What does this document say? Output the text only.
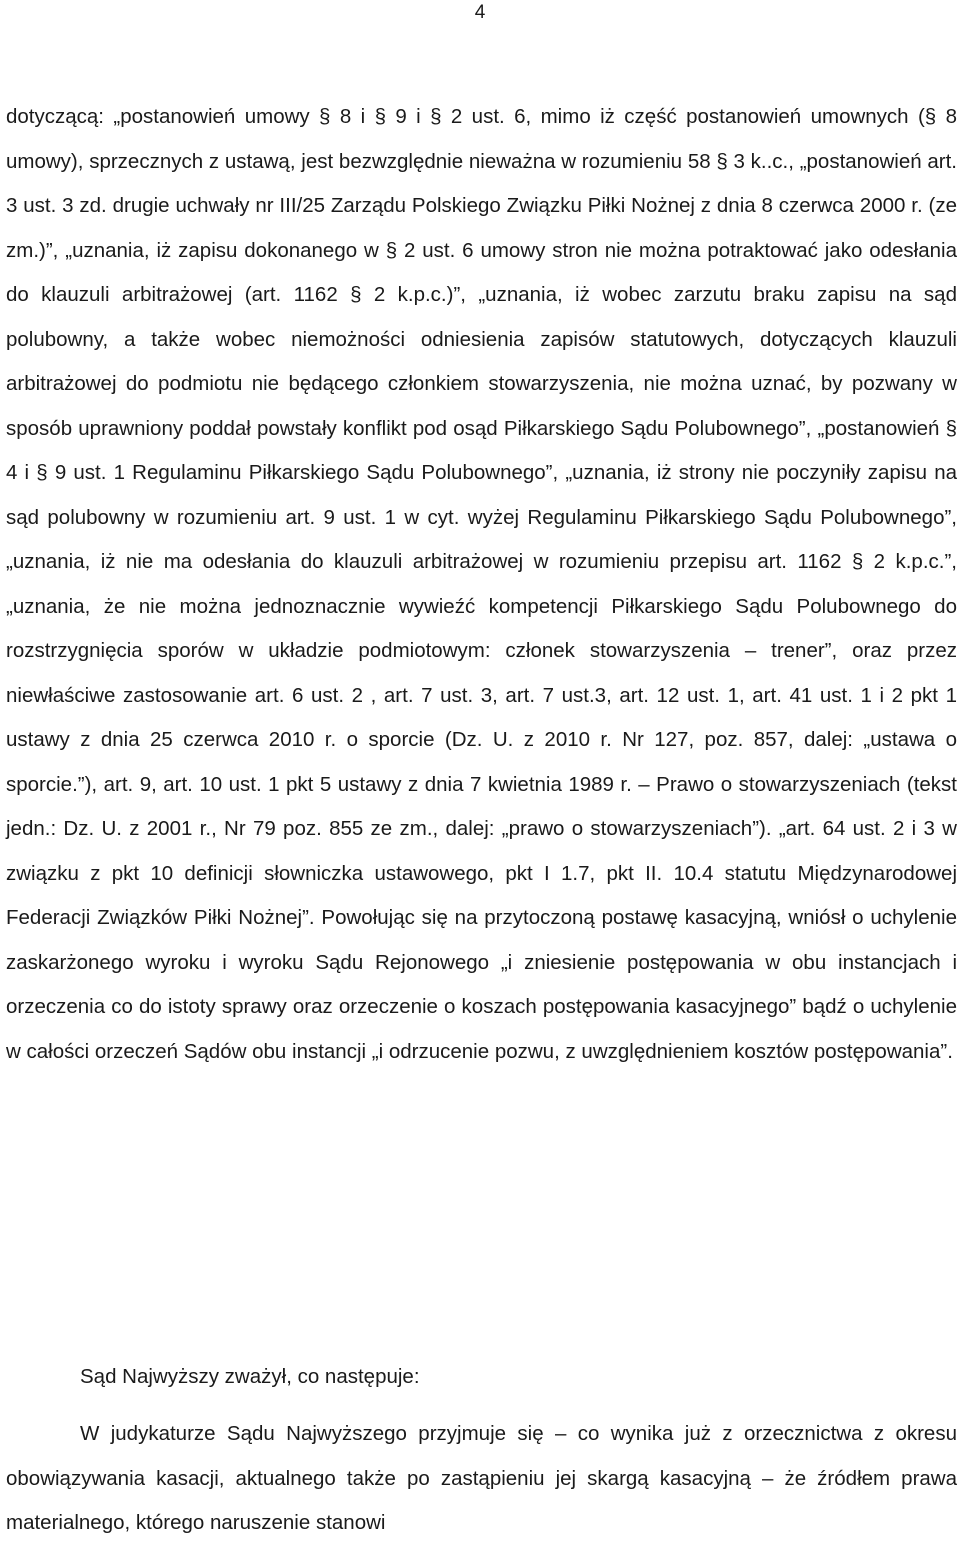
4

dotyczącą: „postanowień umowy § 8 i § 9 i § 2 ust. 6, mimo iż część postanowień umownych (§ 8 umowy), sprzecznych z ustawą, jest bezwzględnie nieważna w rozumieniu 58 § 3 k..c., „postanowień art. 3 ust. 3 zd. drugie uchwały nr III/25 Zarządu Polskiego Związku Piłki Nożnej z dnia 8 czerwca 2000 r. (ze zm.)”, „uznania, iż zapisu dokonanego w § 2 ust. 6 umowy stron nie można potraktować jako odesłania do klauzuli arbitrażowej (art. 1162 § 2 k.p.c.)”, „uznania, iż wobec zarzutu braku zapisu na sąd polubowny, a także wobec niemożności odniesienia zapisów statutowych, dotyczących klauzuli arbitrażowej do podmiotu nie będącego członkiem stowarzyszenia, nie można uznać, by pozwany w sposób uprawniony poddał powstały konflikt pod osąd Piłkarskiego Sądu Polubownego”, „postanowień § 4 i § 9 ust. 1 Regulaminu Piłkarskiego Sądu Polubownego”, „uznania, iż strony nie poczyniły zapisu na sąd polubowny w rozumieniu art. 9 ust. 1 w cyt. wyżej Regulaminu Piłkarskiego Sądu Polubownego”, „uznania, iż nie ma odesłania do klauzuli arbitrażowej w rozumieniu przepisu art. 1162 § 2 k.p.c.”, „uznania, że nie można jednoznacznie wywieźć kompetencji Piłkarskiego Sądu Polubownego do rozstrzygnięcia sporów w układzie podmiotowym: członek stowarzyszenia – trener”, oraz przez niewłaściwe zastosowanie art. 6 ust. 2 , art. 7 ust. 3, art. 7 ust.3, art. 12 ust. 1, art. 41 ust. 1 i 2 pkt 1 ustawy z dnia 25 czerwca 2010 r. o sporcie (Dz. U. z 2010 r. Nr 127, poz. 857, dalej: „ustawa o sporcie.”), art. 9, art. 10 ust. 1 pkt 5 ustawy z dnia 7 kwietnia 1989 r. – Prawo o stowarzyszeniach (tekst jedn.: Dz. U. z 2001 r., Nr 79 poz. 855 ze zm., dalej: „prawo o stowarzyszeniach”). „art. 64 ust. 2 i 3 w związku z pkt 10 definicji słowniczka ustawowego, pkt I 1.7, pkt II. 10.4 statutu Międzynarodowej Federacji Związków Piłki Nożnej”. Powołując się na przytoczoną postawę kasacyjną, wniósł o uchylenie zaskarżonego wyroku i wyroku Sądu Rejonowego „i zniesienie postępowania w obu instancjach i orzeczenia co do istoty sprawy oraz orzeczenie o koszach postępowania kasacyjnego” bądź o uchylenie w całości orzeczeń Sądów obu instancji „i odrzucenie pozwu, z uwzględnieniem kosztów postępowania”.

Sąd Najwyższy zważył, co następuje:

W judykaturze Sądu Najwyższego przyjmuje się – co wynika już z orzecznictwa z okresu obowiązywania kasacji, aktualnego także po zastąpieniu jej skargą kasacyjną – że źródłem prawa materialnego, którego naruszenie stanowi
